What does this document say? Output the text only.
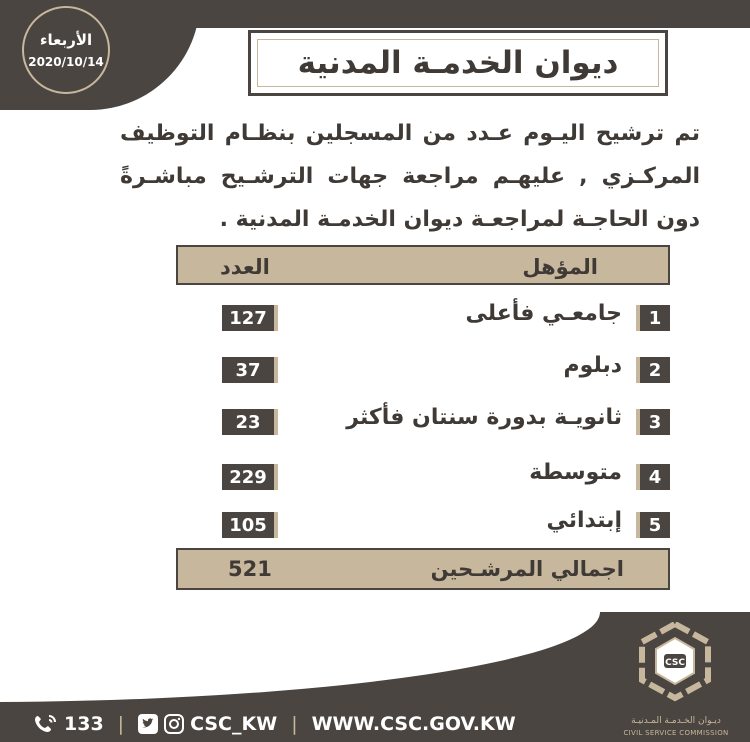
الأربعاء
2020/10/14	ديوان الخدمـة المدنية
تم ترشيح اليـوم عـدد من المسجلين بنظـام التوظيف المركـزي , عليهـم مراجعة جهات الترشـيح مباشـرةً دون الحاجـة لمراجعـة ديوان الخدمـة المدنية .
المؤهل
العدد
1
جامعـي فأعلى
127
2
دبلوم
37
3
ثانويـة بدورة سنتان فأكثر
23
4
متوسطة
229
5
إبتدائي
105
اجمالي المرشـحين
521
133 |	CSC_KW | WWW.CSC.GOV.KW
CSC
ديـوان الخـدمـة المـدنيـة
CIVIL SERVICE COMMISSION
